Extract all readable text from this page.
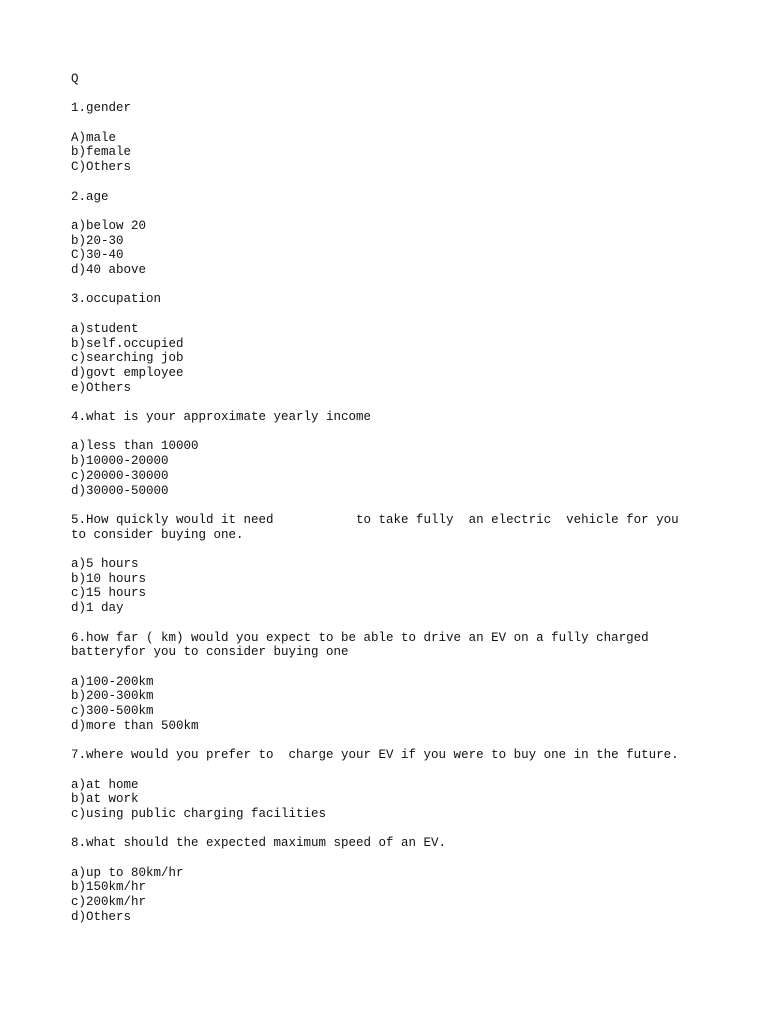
Q
1.gender
A)male
b)female
C)Others
2.age
a)below 20
b)20-30
C)30-40
d)40 above
3.occupation
a)student
b)self.occupied
c)searching job
d)govt employee
e)Others
4.what is your approximate yearly income
a)less than 10000
b)10000-20000
c)20000-30000
d)30000-50000
5.How quickly would it need           to take fully  an electric  vehicle for you
to consider buying one.
a)5 hours
b)10 hours
c)15 hours
d)1 day
6.how far ( km) would you expect to be able to drive an EV on a fully charged
batteryfor you to consider buying one
a)100-200km
b)200-300km
c)300-500km
d)more than 500km
7.where would you prefer to  charge your EV if you were to buy one in the future.
a)at home
b)at work
c)using public charging facilities
8.what should the expected maximum speed of an EV.
a)up to 80km/hr
b)150km/hr
c)200km/hr
d)Others
